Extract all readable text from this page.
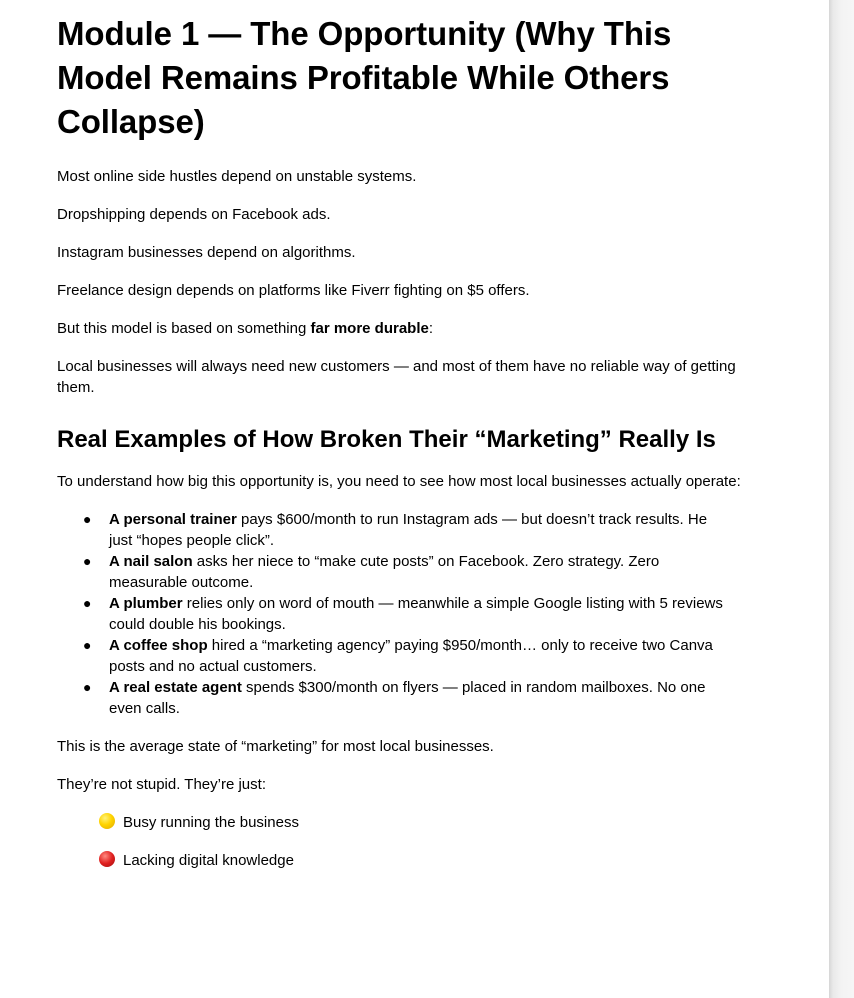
Module 1 — The Opportunity (Why This Model Remains Profitable While Others Collapse)

Most online side hustles depend on unstable systems.

Dropshipping depends on Facebook ads.

Instagram businesses depend on algorithms.

Freelance design depends on platforms like Fiverr fighting on $5 offers.

But this model is based on something far more durable:

Local businesses will always need new customers — and most of them have no reliable way of getting them.

Real Examples of How Broken Their “Marketing” Really Is

To understand how big this opportunity is, you need to see how most local businesses actually operate:

● A personal trainer pays $600/month to run Instagram ads — but doesn’t track results. He just “hopes people click”.
● A nail salon asks her niece to “make cute posts” on Facebook. Zero strategy. Zero measurable outcome.
● A plumber relies only on word of mouth — meanwhile a simple Google listing with 5 reviews could double his bookings.
● A coffee shop hired a “marketing agency” paying $950/month… only to receive two Canva posts and no actual customers.
● A real estate agent spends $300/month on flyers — placed in random mailboxes. No one even calls.

This is the average state of “marketing” for most local businesses.

They’re not stupid. They’re just:

Busy running the business
Lacking digital knowledge
